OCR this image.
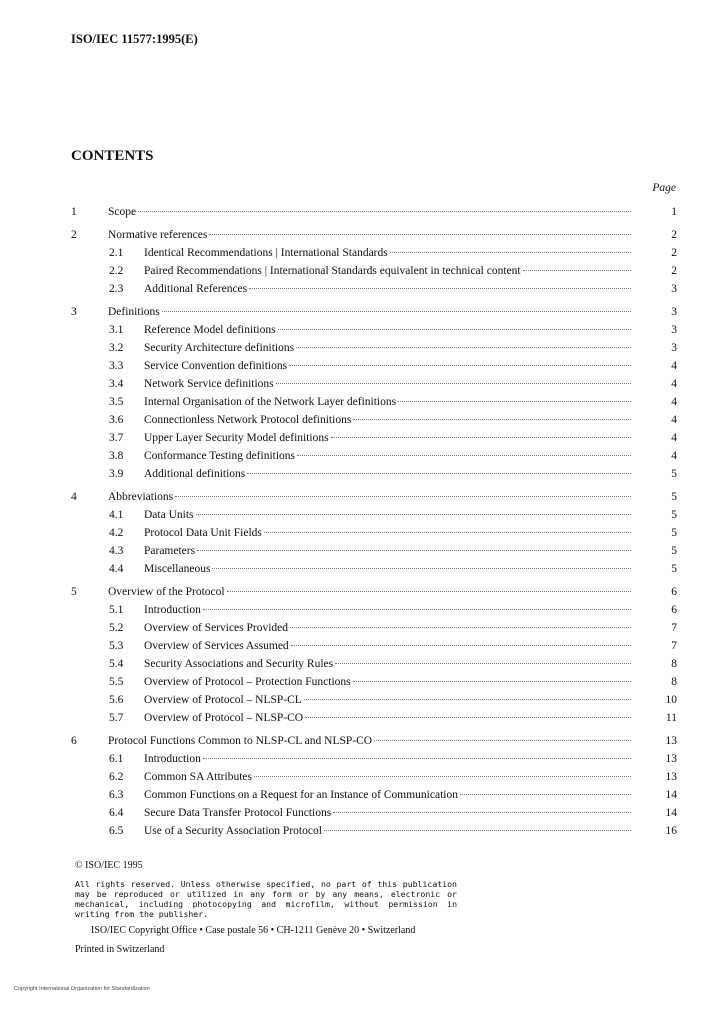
ISO/IEC 11577:1995(E)
CONTENTS
Page
1	Scope	1
2	Normative references	2
2.1	Identical Recommendations | International Standards	2
2.2	Paired Recommendations | International Standards equivalent in technical content	2
2.3	Additional References	3
3	Definitions	3
3.1	Reference Model definitions	3
3.2	Security Architecture definitions	3
3.3	Service Convention definitions	4
3.4	Network Service definitions	4
3.5	Internal Organisation of the Network Layer definitions	4
3.6	Connectionless Network Protocol definitions	4
3.7	Upper Layer Security Model definitions	4
3.8	Conformance Testing definitions	4
3.9	Additional definitions	5
4	Abbreviations	5
4.1	Data Units	5
4.2	Protocol Data Unit Fields	5
4.3	Parameters	5
4.4	Miscellaneous	5
5	Overview of the Protocol	6
5.1	Introduction	6
5.2	Overview of Services Provided	7
5.3	Overview of Services Assumed	7
5.4	Security Associations and Security Rules	8
5.5	Overview of Protocol – Protection Functions	8
5.6	Overview of Protocol – NLSP-CL	10
5.7	Overview of Protocol – NLSP-CO	11
6	Protocol Functions Common to NLSP-CL and NLSP-CO	13
6.1	Introduction	13
6.2	Common SA Attributes	13
6.3	Common Functions on a Request for an Instance of Communication	14
6.4	Secure Data Transfer Protocol Functions	14
6.5	Use of a Security Association Protocol	16
© ISO/IEC 1995
All rights reserved. Unless otherwise specified, no part of this publication may be reproduced or utilized in any form or by any means, electronic or mechanical, including photocopying and microfilm, without permission in writing from the publisher.
ISO/IEC Copyright Office • Case postale 56 • CH-1211 Genève 20 • Switzerland
Printed in Switzerland
Copyright International Organization for Standardization
